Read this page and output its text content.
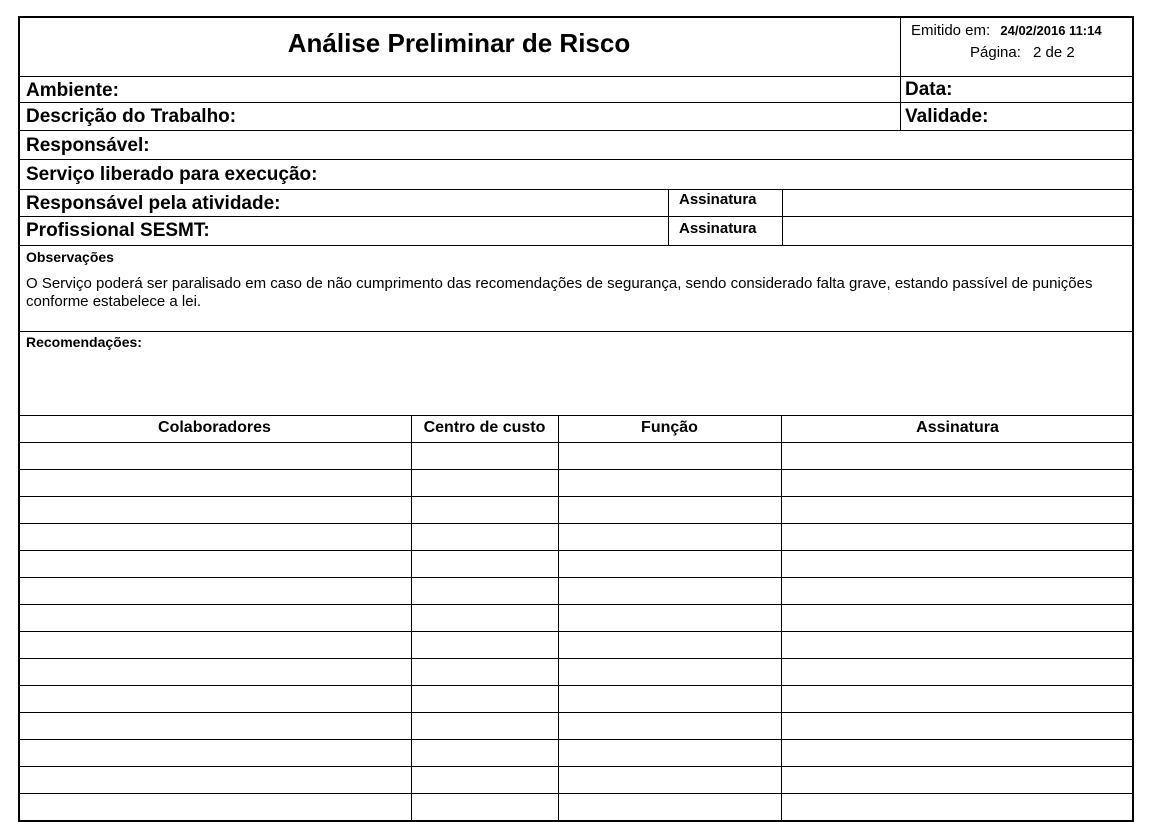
Análise Preliminar de Risco	Emitido em: 24/02/2016 11:14
Página: 2 de 2
Ambiente:	Data:
Descrição do Trabalho:	Validade:
Responsável:
Serviço liberado para execução:
Responsável pela atividade:	Assinatura
Profissional SESMT:	Assinatura
Observações
O Serviço poderá ser paralisado em caso de não cumprimento das recomendações de segurança, sendo considerado falta grave, estando passível de punições conforme estabelece a lei.
Recomendações:
Colaboradores	Centro de custo	Função	Assinatura
